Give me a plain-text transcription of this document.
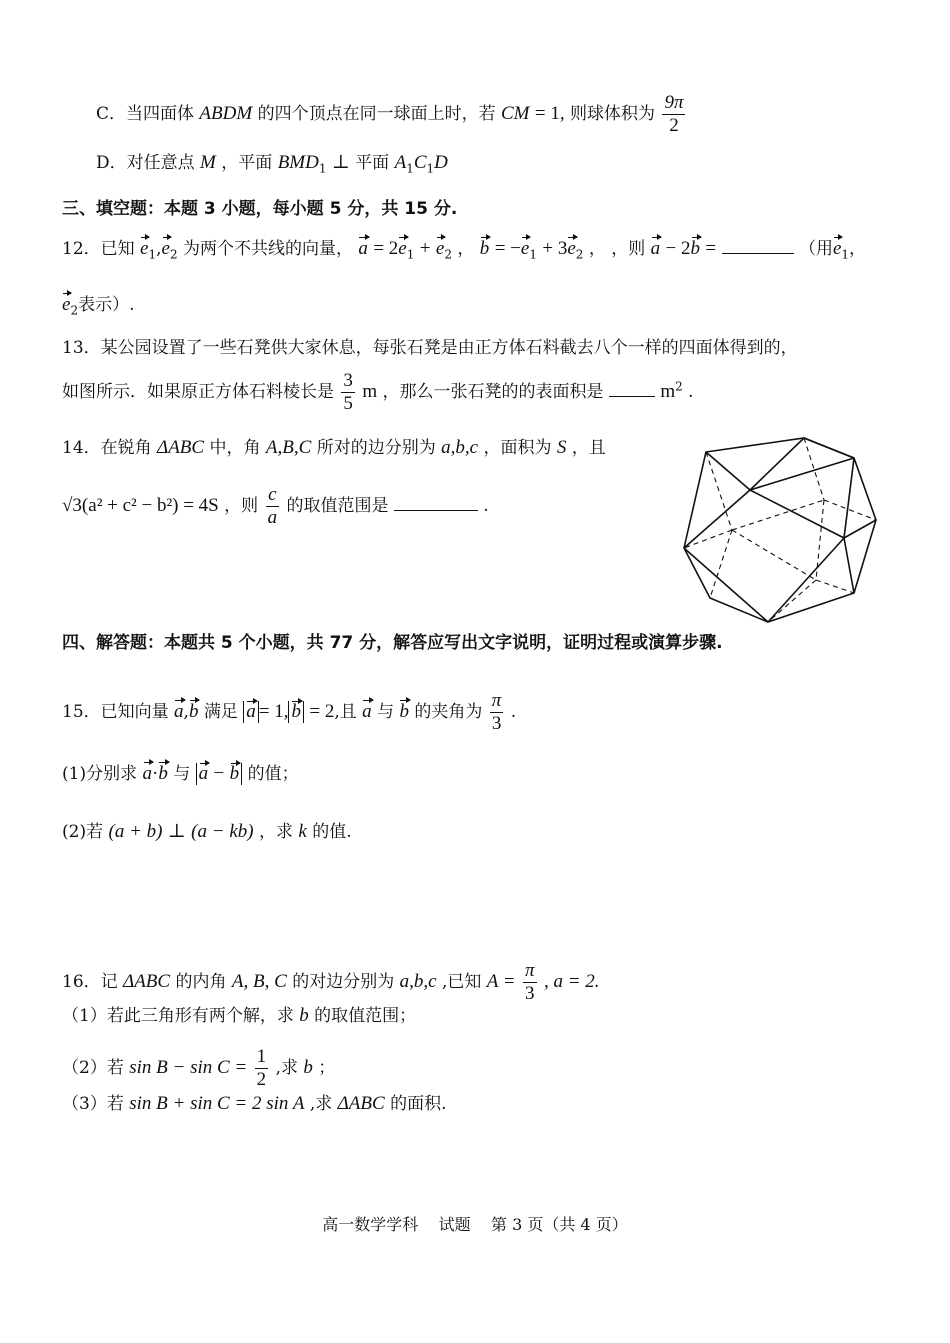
C．当四面体 ABDM 的四个顶点在同一球面上时，若 CM = 1, 则球体积为 $\frac{9\pi}{2}$
D．对任意点 M ，平面 $BMD_1$ ⊥ 平面 $A_1C_1D$
三、填空题：本题 3 小题，每小题 5 分，共 15 分.
12．已知 $e_1,e_2$ 为两个不共线的向量， $a = 2e_1 + e_2$ ， $b = -e_1 + 3e_2$ ， ，则 a − 2b =	（用$e_1$，
$e_2$表示）.
13．某公园设置了一些石凳供大家休息，每张石凳是由正方体石料截去八个一样的四面体得到的，
如图所示．如果原正方体石料棱长是 $\frac{3}{5}$ m ，那么一张石凳的的表面积是	$m^2$ .
14．在锐角 ΔABC 中，角 A,B,C 所对的边分别为 a,b,c ，面积为 S ，且
√3(a² + c² − b²) = 4S ，则 $\frac{c}{a}$ 的取值范围是	.
四、解答题：本题共 5 个小题，共 77 分，解答应写出文字说明，证明过程或演算步骤.
15．已知向量 a,b 满足 a = 1, b = 2,且 a 与 b 的夹角为 $\frac{\pi}{3}$ .
(1)分别求 a·b 与 a − b 的值；
(2)若 (a + b) ⊥ (a − kb) ，求 k 的值.
16．记 ΔABC 的内角 A, B, C 的对边分别为 a,b,c ,已知 $A = \frac{\pi}{3}$ , a = 2.
（1）若此三角形有两个解，求 b 的取值范围；
（2）若 $\sin B - \sin C = \frac{1}{2}$ ,求 b ；
（3）若 sin B + sin C = 2 sin A ,求 ΔABC 的面积.
高一数学学科    试题    第 3 页（共 4 页）
